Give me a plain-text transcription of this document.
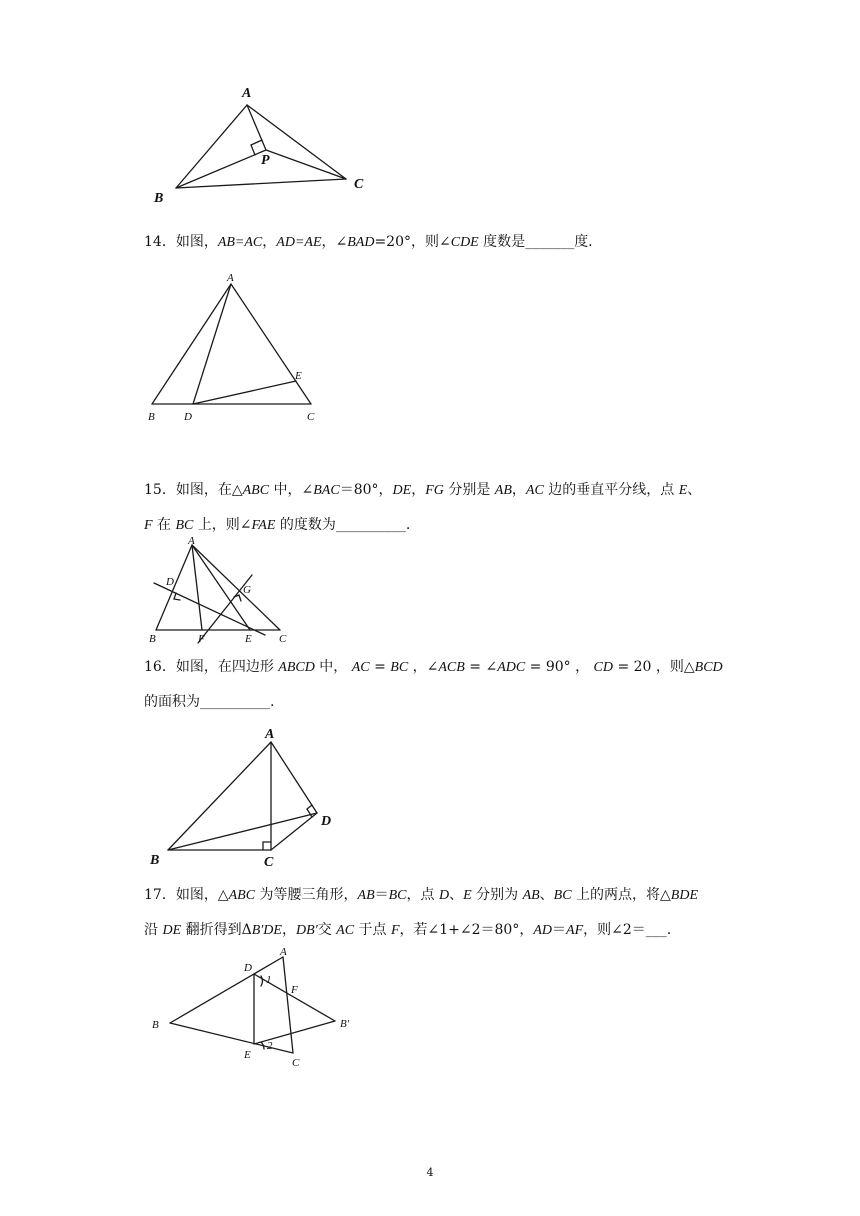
A
B
C
P
14．如图，AB=AC，AD=AE，∠BAD=20°，则∠CDE 度数是_______度.
A
B	D	C
E
15．如图，在△ABC 中，∠BAC＝80°，DE，FG 分别是 AB，AC 边的垂直平分线，点 E、
F 在 BC 上，则∠FAE 的度数为__________.
A
D
G
B	F	E C
16．如图，在四边形 ABCD 中， AC = BC ，∠ACB = ∠ADC = 90° ， CD = 20 ，则△BCD
的面积为__________.
A
B	C
D
17．如图，△ABC 为等腰三角形，AB＝BC，点 D、E 分别为 AB、BC 上的两点，将△BDE
沿 DE 翻折得到ΔB′DE，DB′交 AC 于点 F，若∠1+∠2＝80°，AD＝AF，则∠2＝___.
A
D
1
F
B	B′
E
2
C
4
